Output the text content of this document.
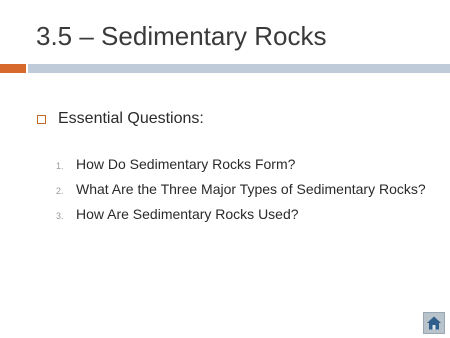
3.5 – Sedimentary Rocks
Essential Questions:
1. How Do Sedimentary Rocks Form?
2. What Are the Three Major Types of Sedimentary Rocks?
3. How Are Sedimentary Rocks Used?
